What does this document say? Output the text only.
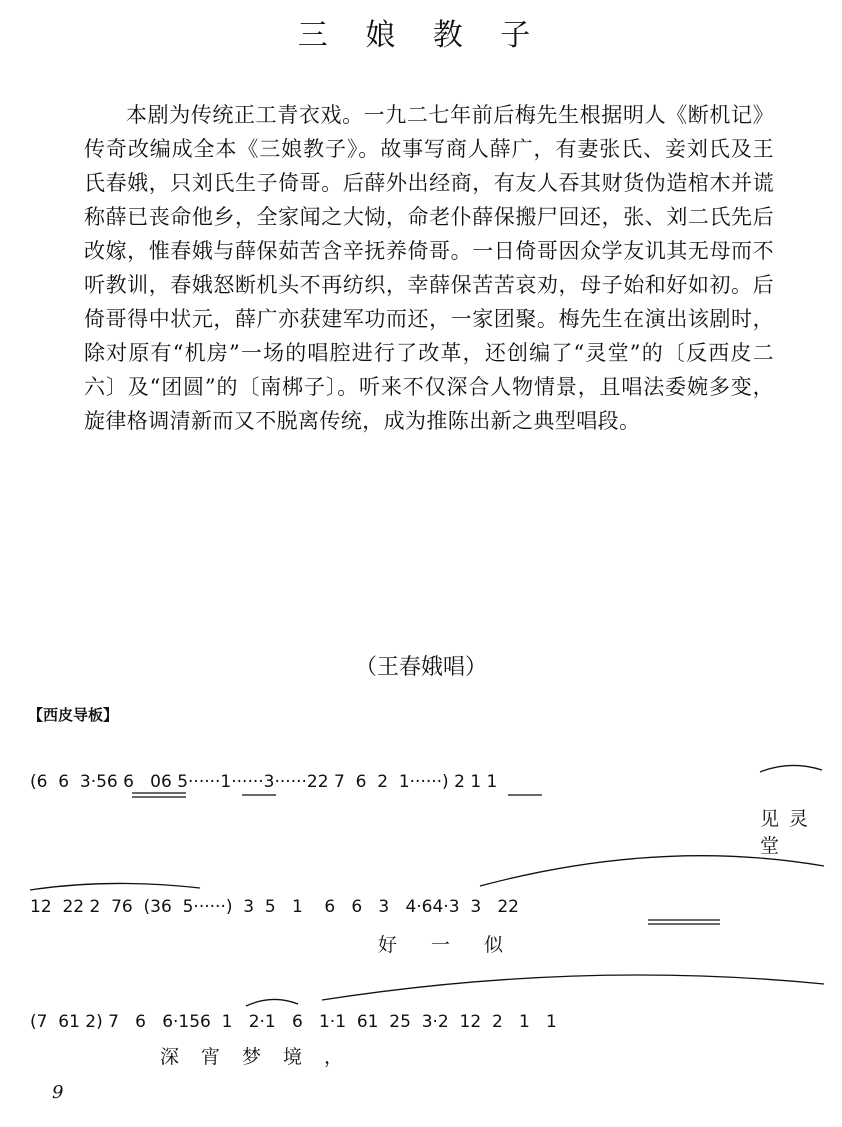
三 娘 教 子

本剧为传统正工青衣戏。一九二七年前后梅先生根据明人《断机记》传奇改编成全本《三娘教子》。故事写商人薛广，有妻张氏、妾刘氏及王氏春娥，只刘氏生子倚哥。后薛外出经商，有友人吞其财货伪造棺木并谎称薛已丧命他乡，全家闻之大恸，命老仆薛保搬尸回还，张、刘二氏先后改嫁，惟春娥与薛保茹苦含辛抚养倚哥。一日倚哥因众学友讥其无母而不听教训，春娥怒断机头不再纺织，幸薛保苦苦哀劝，母子始和好如初。后倚哥得中状元，薛广亦获建军功而还，一家团聚。梅先生在演出该剧时，除对原有“机房”一场的唱腔进行了改革，还创编了“灵堂”的〔反西皮二六〕及“团圆”的〔南梆子〕。听来不仅深合人物情景，且唱法委婉多变，旋律格调清新而又不脱离传统，成为推陈出新之典型唱段。

（王春娥唱）
【西皮导板】
(6  6  3·56 6   06 5······1······3······22 7  6  2  1······) 2 1 1
见灵堂
12  22 2  76  (36  5······)  3  5   1    6   6   3   4·64·3  3   22
好一似
(7  61 2) 7   6   6·156  1   2·1   6   1·1  61  25  3·2  12  2   1   1
深宵梦境，
9
